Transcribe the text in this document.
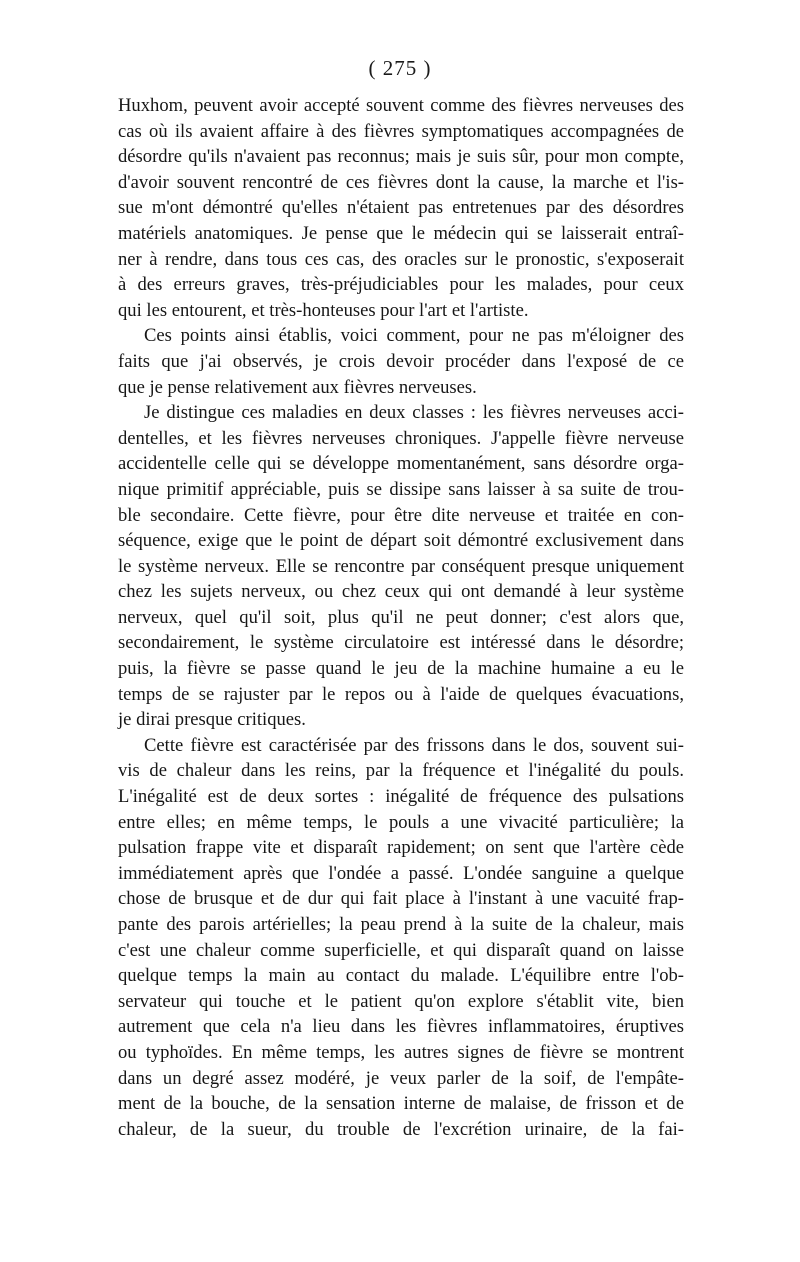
( 275 )
Huxhom, peuvent avoir accepté souvent comme des fièvres nerveuses des
cas où ils avaient affaire à des fièvres symptomatiques accompagnées de
désordre qu'ils n'avaient pas reconnus; mais je suis sûr, pour mon compte,
d'avoir souvent rencontré de ces fièvres dont la cause, la marche et l'is-
sue m'ont démontré qu'elles n'étaient pas entretenues par des désordres
matériels anatomiques. Je pense que le médecin qui se laisserait entraî-
ner à rendre, dans tous ces cas, des oracles sur le pronostic, s'exposerait
à des erreurs graves, très-préjudiciables pour les malades, pour ceux
qui les entourent, et très-honteuses pour l'art et l'artiste.
Ces points ainsi établis, voici comment, pour ne pas m'éloigner des
faits que j'ai observés, je crois devoir procéder dans l'exposé de ce
que je pense relativement aux fièvres nerveuses.
Je distingue ces maladies en deux classes : les fièvres nerveuses acci-
dentelles, et les fièvres nerveuses chroniques. J'appelle fièvre nerveuse
accidentelle celle qui se développe momentanément, sans désordre orga-
nique primitif appréciable, puis se dissipe sans laisser à sa suite de trou-
ble secondaire. Cette fièvre, pour être dite nerveuse et traitée en con-
séquence, exige que le point de départ soit démontré exclusivement dans
le système nerveux. Elle se rencontre par conséquent presque uniquement
chez les sujets nerveux, ou chez ceux qui ont demandé à leur système
nerveux, quel qu'il soit, plus qu'il ne peut donner; c'est alors que,
secondairement, le système circulatoire est intéressé dans le désordre;
puis, la fièvre se passe quand le jeu de la machine humaine a eu le
temps de se rajuster par le repos ou à l'aide de quelques évacuations,
je dirai presque critiques.
Cette fièvre est caractérisée par des frissons dans le dos, souvent sui-
vis de chaleur dans les reins, par la fréquence et l'inégalité du pouls.
L'inégalité est de deux sortes : inégalité de fréquence des pulsations
entre elles; en même temps, le pouls a une vivacité particulière; la
pulsation frappe vite et disparaît rapidement; on sent que l'artère cède
immédiatement après que l'ondée a passé. L'ondée sanguine a quelque
chose de brusque et de dur qui fait place à l'instant à une vacuité frap-
pante des parois artérielles; la peau prend à la suite de la chaleur, mais
c'est une chaleur comme superficielle, et qui disparaît quand on laisse
quelque temps la main au contact du malade. L'équilibre entre l'ob-
servateur qui touche et le patient qu'on explore s'établit vite, bien
autrement que cela n'a lieu dans les fièvres inflammatoires, éruptives
ou typhoïdes. En même temps, les autres signes de fièvre se montrent
dans un degré assez modéré, je veux parler de la soif, de l'empâte-
ment de la bouche, de la sensation interne de malaise, de frisson et de
chaleur, de la sueur, du trouble de l'excrétion urinaire, de la fai-
